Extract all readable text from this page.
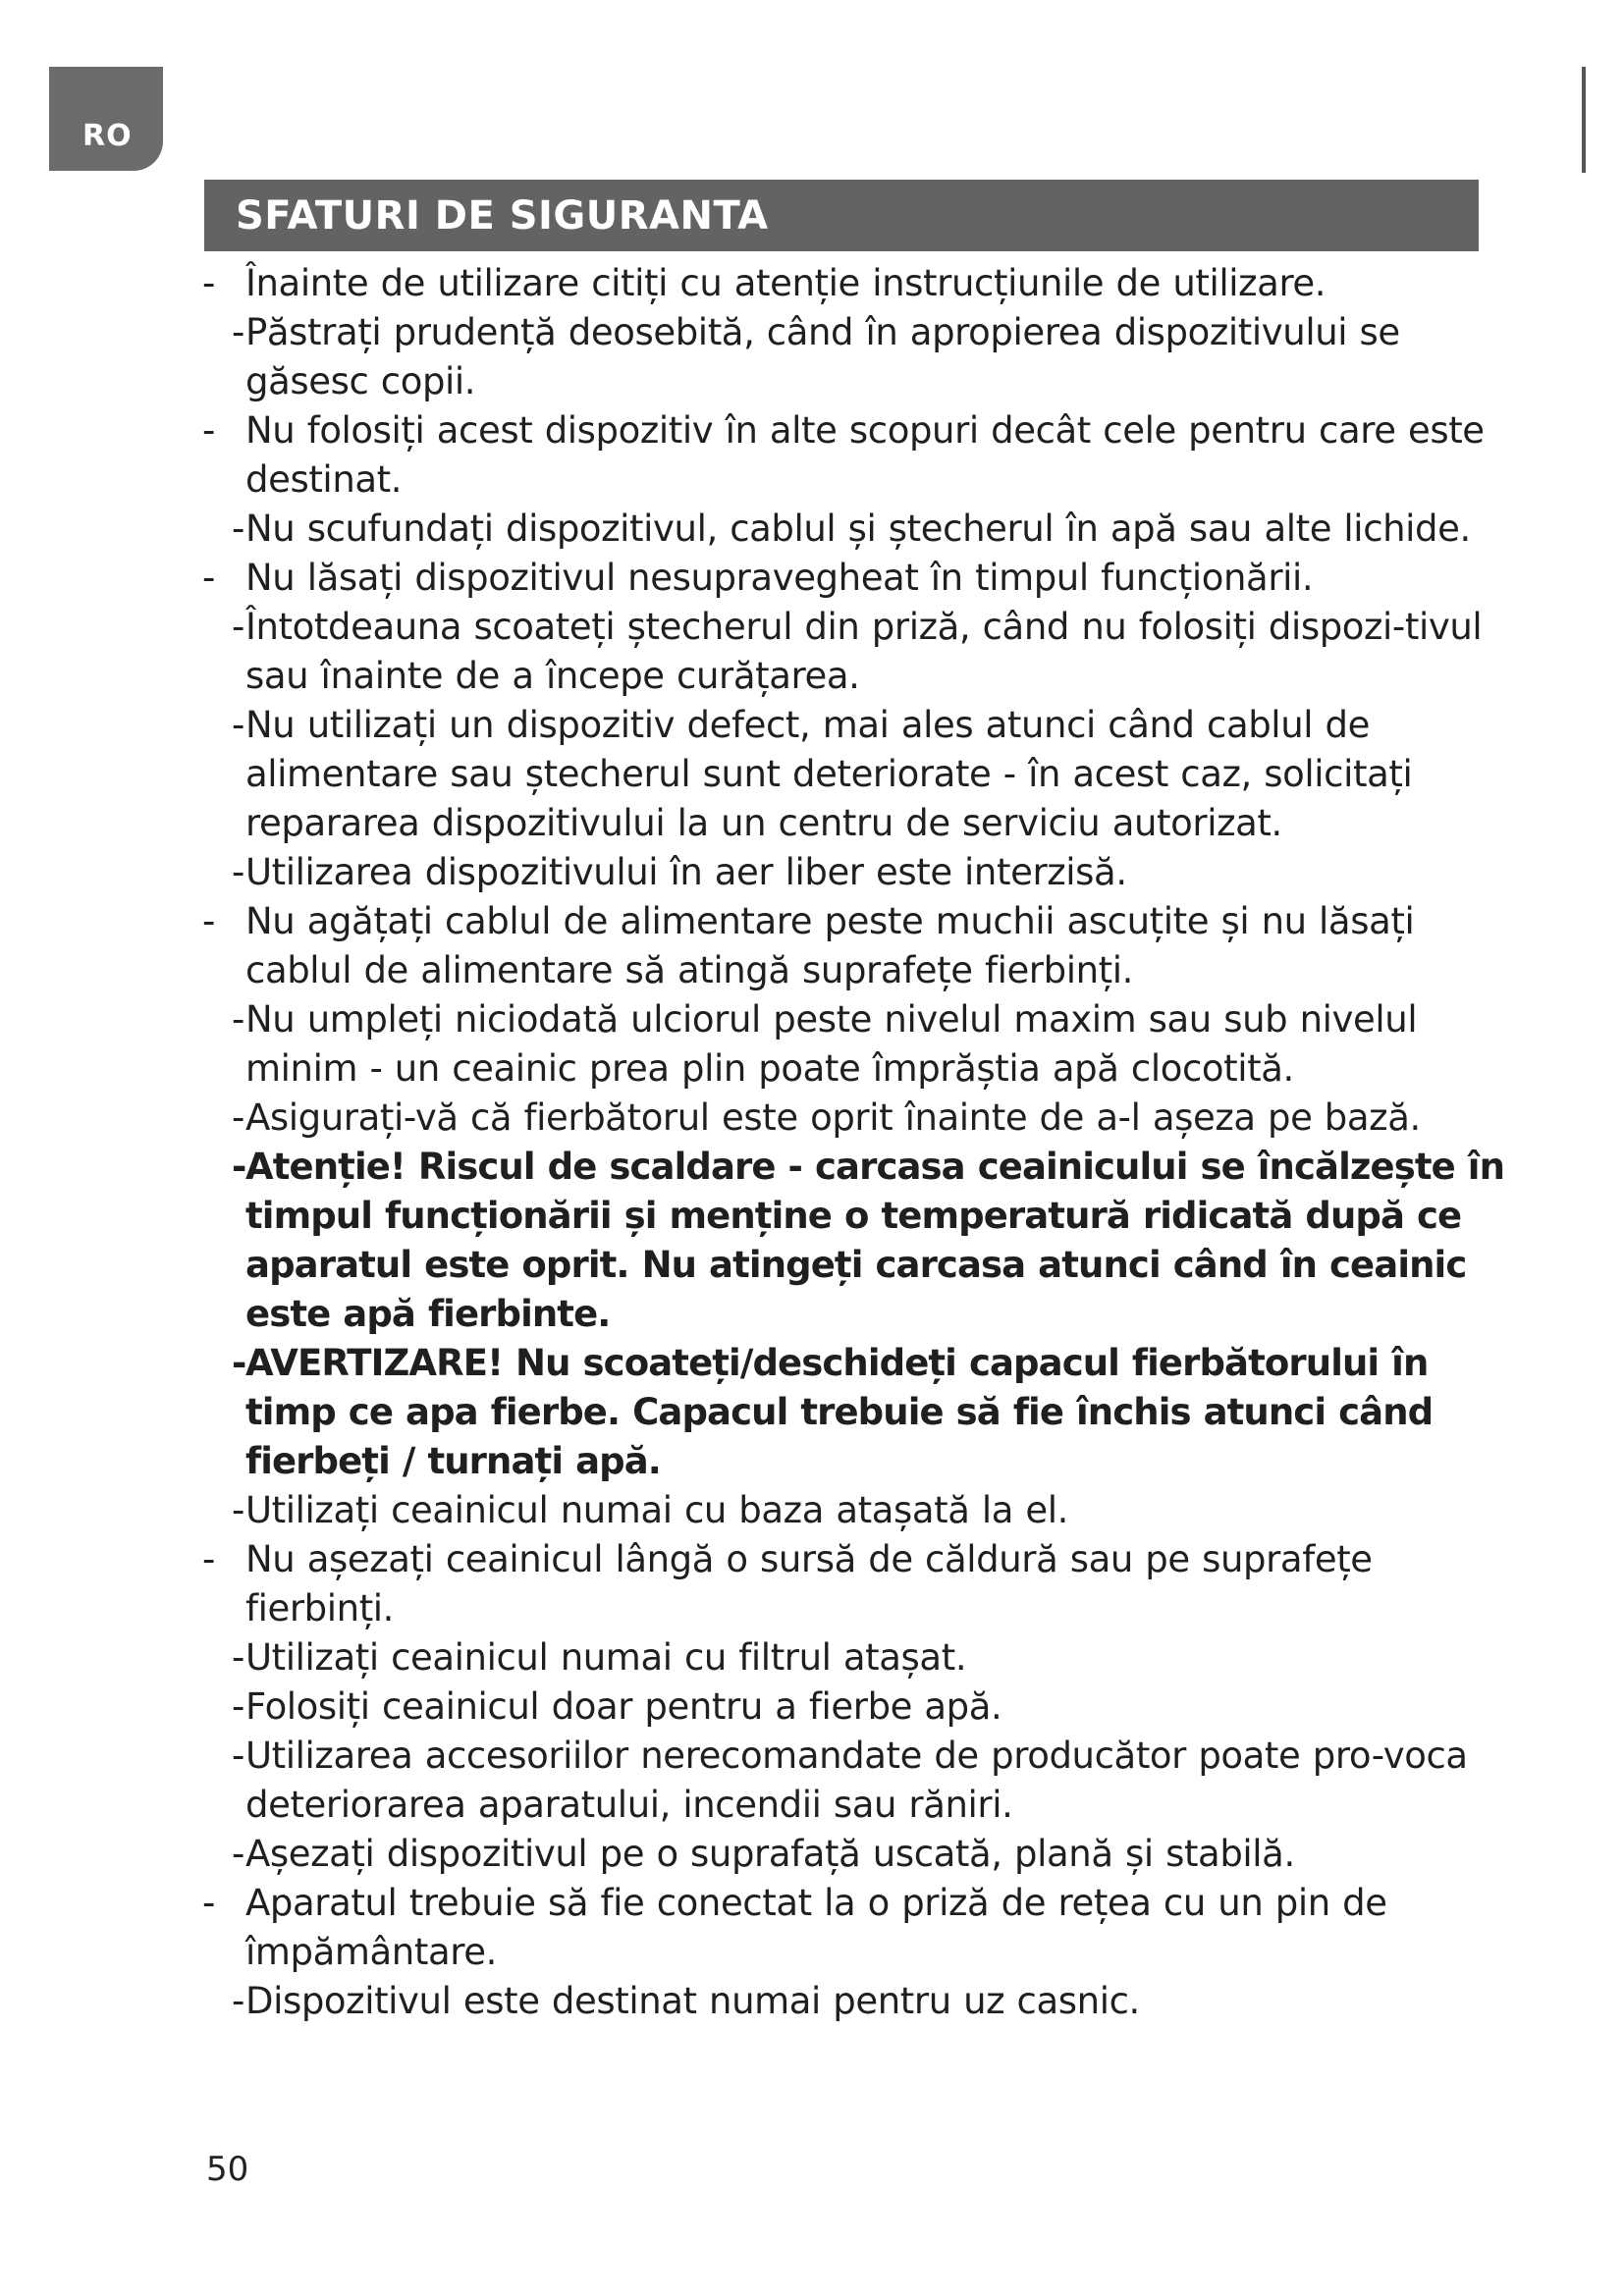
RO
SFATURI DE SIGURANTA
- Înainte de utilizare citiți cu atenție instrucțiunile de utilizare.
- Păstrați prudență deosebită, când în apropierea dispozitivului se găsesc copii.
- Nu folosiți acest dispozitiv în alte scopuri decât cele pentru care este destinat.
- Nu scufundați dispozitivul, cablul și ștecherul în apă sau alte lichide.
- Nu lăsați dispozitivul nesupravegheat în timpul funcționării.
- Întotdeauna scoateți ștecherul din priză, când nu folosiți dispozi-tivul sau înainte de a începe curățarea.
- Nu utilizați un dispozitiv defect, mai ales atunci când cablul de alimentare sau ștecherul sunt deteriorate - în acest caz, solicitați repararea dispozitivului la un centru de serviciu autorizat.
- Utilizarea dispozitivului în aer liber este interzisă.
- Nu agățați cablul de alimentare peste muchii ascuțite și nu lăsați cablul de alimentare să atingă suprafețe fierbinți.
- Nu umpleți niciodată ulciorul peste nivelul maxim sau sub nivelul minim - un ceainic prea plin poate împrăștia apă clocotită.
- Asigurați-vă că fierbătorul este oprit înainte de a-l așeza pe bază.
- Atenție! Riscul de scaldare - carcasa ceainicului se încălzește în timpul funcționării și menține o temperatură ridicată după ce aparatul este oprit. Nu atingeți carcasa atunci când în ceainic este apă fierbinte.
- AVERTIZARE! Nu scoateți/deschideți capacul fierbătorului în timp ce apa fierbe. Capacul trebuie să fie închis atunci când fierbeți / turnați apă.
- Utilizați ceainicul numai cu baza atașată la el.
- Nu așezați ceainicul lângă o sursă de căldură sau pe suprafețe fierbinți.
- Utilizați ceainicul numai cu filtrul atașat.
- Folosiți ceainicul doar pentru a fierbe apă.
- Utilizarea accesoriilor nerecomandate de producător poate pro-voca deteriorarea aparatului, incendii sau răniri.
- Așezați dispozitivul pe o suprafață uscată, plană și stabilă.
- Aparatul trebuie să fie conectat la o priză de rețea cu un pin de împământare.
- Dispozitivul este destinat numai pentru uz casnic.
50
